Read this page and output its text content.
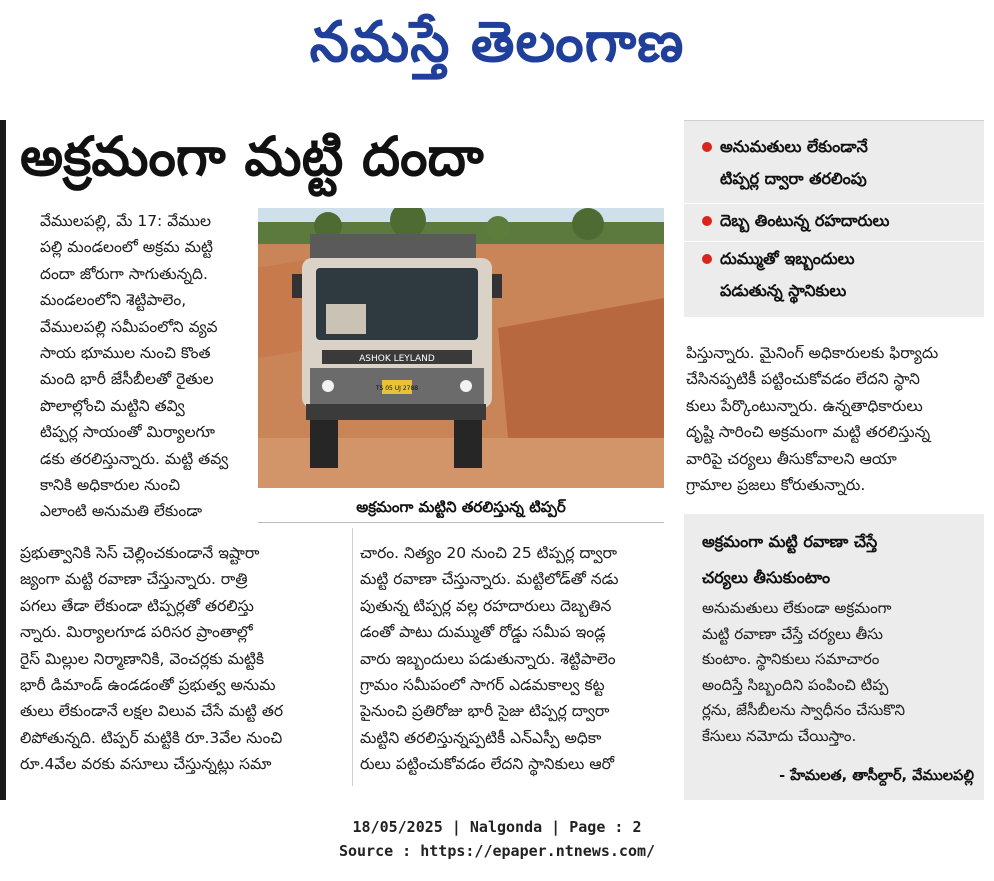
నమస్తే తెలంగాణ
అక్రమంగా మట్టి దందా	అనుమతులు లేకుండానే
టిప్పర్ల ద్వారా తరలింపు
దెబ్బ తింటున్న రహదారులు
దుమ్ముతో ఇబ్బందులు
పడుతున్న స్థానికులు

వేములపల్లి, మే 17: వేముల

పల్లి మండలంలో అక్రమ మట్టి

దందా జోరుగా సాగుతున్నది.

మండలంలోని శెట్టిపాలెం,

వేములపల్లి సమీపంలోని వ్యవ

సాయ భూముల నుంచి కొంత

మంది భారీ జేసీబీలతో రైతుల

పొలాల్లోంచి మట్టిని తవ్వి

టిప్పర్ల సాయంతో మిర్యాలగూ

డకు తరలిస్తున్నారు. మట్టి తవ్వ

కానికి అధికారుల నుంచి

ఎలాంటి అనుమతి లేకుండా

ప్రభుత్వానికి సెస్ చెల్లించకుండానే ఇష్టారా

జ్యంగా మట్టి రవాణా చేస్తున్నారు. రాత్రి

పగలు తేడా లేకుండా టిప్పర్లతో తరలిస్తు

న్నారు. మిర్యాలగూడ పరిసర ప్రాంతాల్లో

రైస్ మిల్లుల నిర్మాణానికి, వెంచర్లకు మట్టికి

భారీ డిమాండ్ ఉండడంతో ప్రభుత్వ అనుమ

తులు లేకుండానే లక్షల విలువ చేసే మట్టి తర

లిపోతున్నది. టిప్పర్ మట్టికి రూ.3వేల నుంచి

రూ.4వేల వరకు వసూలు చేస్తున్నట్లు సమా

ASHOK LEYLAND
TS 05 UJ 2788
అక్రమంగా మట్టిని తరలిస్తున్న టిప్పర్

చారం. నిత్యం 20 నుంచి 25 టిప్పర్ల ద్వారా

మట్టి రవాణా చేస్తున్నారు. మట్టిలోడ్‌తో నడు

పుతున్న టిప్పర్ల వల్ల రహదారులు దెబ్బతిన

డంతో పాటు దుమ్ముతో రోడ్డు సమీప ఇండ్ల

వారు ఇబ్బందులు పడుతున్నారు. శెట్టిపాలెం

గ్రామం సమీపంలో సాగర్ ఎడమకాల్వ కట్ట

పైనుంచి ప్రతిరోజు భారీ సైజు టిప్పర్ల ద్వారా

మట్టిని తరలిస్తున్నప్పటికీ ఎన్‌ఎస్పీ అధికా

రులు పట్టించుకోవడం లేదని స్థానికులు ఆరో

పిస్తున్నారు. మైనింగ్ అధికారులకు ఫిర్యాదు

చేసినప్పటికీ పట్టించుకోవడం లేదని స్థాని

కులు పేర్కొంటున్నారు. ఉన్నతాధికారులు

దృష్టి సారించి అక్రమంగా మట్టి తరలిస్తున్న

వారిపై చర్యలు తీసుకోవాలని ఆయా

గ్రామాల ప్రజలు కోరుతున్నారు.

అక్రమంగా మట్టి రవాణా చేస్తే
చర్యలు తీసుకుంటాం

అనుమతులు లేకుండా అక్రమంగా

మట్టి రవాణా చేస్తే చర్యలు తీసు

కుంటాం. స్థానికులు సమాచారం

అందిస్తే సిబ్బందిని పంపించి టిప్ప

ర్లను, జేసీబీలను స్వాధీనం చేసుకొని

కేసులు నమోదు చేయిస్తాం.

- హేమలత, తాసీల్దార్, వేములపల్లి
18/05/2025 | Nalgonda | Page : 2
Source : https://epaper.ntnews.com/
